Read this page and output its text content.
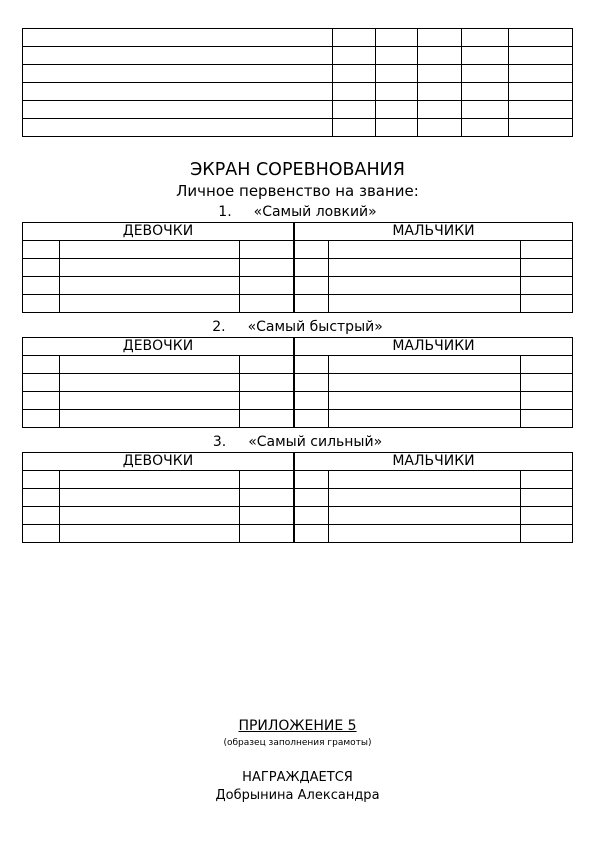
ЭКРАН СОРЕВНОВАНИЯ
Личное первенство на звание:
1. «Самый ловкий»
ДЕВОЧКИ			МАЛЬЧИКИ		

2. «Самый быстрый»
ДЕВОЧКИ			МАЛЬЧИКИ		

3. «Самый сильный»
ДЕВОЧКИ			МАЛЬЧИКИ		

ПРИЛОЖЕНИЕ 5
(образец заполнения грамоты)
НАГРАЖДАЕТСЯ
Добрынина Александра
